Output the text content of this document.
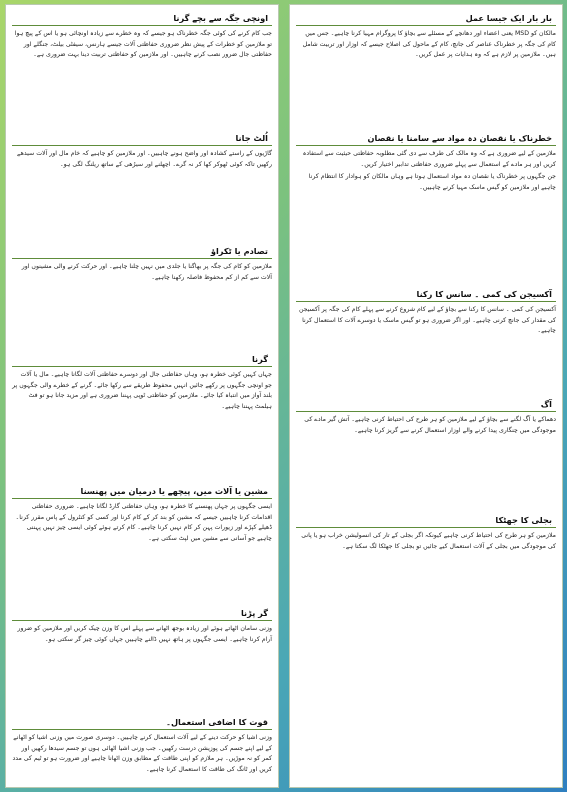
اونچی جگہ سے بچے گرنا

جب کام کرنے کی کوئی جگہ خطرناک ہو جیسے کہ وہ خطرے سے زیادہ اونچائی ہو یا اس کے پیچ ہوا تو ملازمین کو خطرات کے پیش نظر ضروری حفاظتی آلات جیسے ہارنس، سیفٹی بیلٹ، جنگلے اور حفاظتی جال ضرور نصب کرنے چاہییں۔ اور ملازمین کو حفاظتی تربیت دینا بہت ضروری ہے۔

اُلٹ جانا

گاڑیوں کے راستے کشادہ اور واضح ہونے چاہییں۔ اور ملازمین کو چاہیے کہ خام مال اور آلات سیدھے رکھیں تاکہ کوئی ٹھوکر کھا کر نہ گرے۔ اچھلنے اور سیڑھی کے ساتھ ریلنگ لگی ہو۔

تصادم یا ٹکراؤ

ملازمین کو کام کی جگہ پر بھاگنا یا جلدی میں نہیں چلنا چاہیے۔ اور حرکت کرنے والی مشینوں اور آلات سے کم از کم محفوظ فاصلہ رکھنا چاہیے۔

گرنا

جہاں کہیں کوئی خطرہ ہو، وہاں حفاظتی جال اور دوسرے حفاظتی آلات لگانا چاہیے۔ مال یا آلات جو اونچی جگہوں پر رکھے جائیں انہیں محفوظ طریقے سے رکھا جائے۔ گرنے کے خطرے والی جگہوں پر بلند آواز میں انتباہ کیا جائے۔ ملازمین کو حفاظتی ٹوپی پہننا ضروری ہے اور مزید جانا ہو تو فٹ ہیلمٹ پہننا چاہیے۔

مشین یا آلات میں، پیچھے یا درمیان میں پھنسنا

ایسی جگہوں پر جہاں پھنسنے کا خطرہ ہو، وہاں حفاظتی گارڈ لگانا چاہیے۔ ضروری حفاظتی اقدامات کرنا چاہییں جیسے کہ مشین کو بند کر کے کام کرنا اور کسی کو کنٹرول کے پاس مقرر کرنا۔ ڈھیلے کپڑے اور زیورات پہن کر کام نہیں کرنا چاہیے۔ کام کرتے ہوئے کوئی ایسی چیز نہیں پہننی چاہیے جو آسانی سے مشین میں لپٹ سکتی ہے۔

گر پڑنا

وزنی سامان اٹھاتے ہوئے اور زیادہ بوجھ اٹھانے سے پہلے اس کا وزن چیک کریں اور ملازمین کو ضرور آرام کرنا چاہیے۔ ایسی جگہوں پر ہاتھ نہیں ڈالنے چاہییں جہاں کوئی چیز گر سکتی ہو۔

قوت کا اضافی استعمال۔

وزنی اشیا کو حرکت دینے کے لیے آلات استعمال کرنے چاہییں۔ دوسری صورت میں وزنی اشیا کو اٹھانے کے لیے اپنے جسم کی پوزیشن درست رکھیں۔ جب وزنی اشیا اٹھائی ہوں تو جسم سیدھا رکھیں اور کمر کو نہ موڑیں۔ ہر ملازم کو اپنی طاقت کے مطابق وزن اٹھانا چاہیے اور ضرورت ہو تو ٹیم کی مدد کریں اور ٹانگ کی طاقت کا استعمال کرنا چاہیے۔

بار بار ایک جیسا عمل

مالکان کو MSD یعنی اعضاء اور دھانچے کے مسئلے سے بچاؤ کا پروگرام مہیا کرنا چاہیے۔ جس میں کام کی جگہ پر خطرناک عناصر کی جانچ، کام کے ماحول کی اصلاح جیسے کہ اوزار اور تربیت شامل ہیں۔ ملازمین پر لازم ہے کہ وہ ہدایات پر عمل کریں۔

خطرناک یا نقصان دہ مواد سے سامنا یا نقصان

ملازمین کے لیے ضروری ہے کہ وہ مالک کی طرف سے دی گئی مطلوبہ حفاظتی حیثیت سے استفادہ کریں اور ہر مادے کے استعمال سے پہلے ضروری حفاظتی تدابیر اختیار کریں۔

جن جگہوں پر خطرناک یا نقصان دہ مواد استعمال ہوتا ہے وہاں مالکان کو ہوادار کا انتظام کرنا چاہیے اور ملازمین کو گیس ماسک مہیا کرنے چاہییں۔

آکسیجن کی کمی ۔ سانس کا رکنا

آکسیجن کی کمی ۔ سانس کا رکنا سے بچاؤ کے لیے کام شروع کرنے سے پہلے کام کی جگہ پر آکسیجن کی مقدار کی جانچ کرنی چاہیے۔ اور اگر ضروری ہو تو گیس ماسک یا دوسرے آلات کا استعمال کرنا چاہیے۔

آگ

دھماکے یا آگ لگنے سے بچاؤ کے لیے ملازمین کو ہر طرح کی احتیاط کرنی چاہیے۔ آتش گیر مادے کی موجودگی میں چنگاری پیدا کرنے والے اوزار استعمال کرنے سے گریز کرنا چاہیے۔

بجلی کا جھٹکا

ملازمین کو ہر طرح کی احتیاط کرنی چاہیے کیونکہ اگر بجلی کے تار کی انسولیشن خراب ہو یا پانی کی موجودگی میں بجلی کے آلات استعمال کیے جائیں تو بجلی کا جھٹکا لگ سکتا ہے۔
